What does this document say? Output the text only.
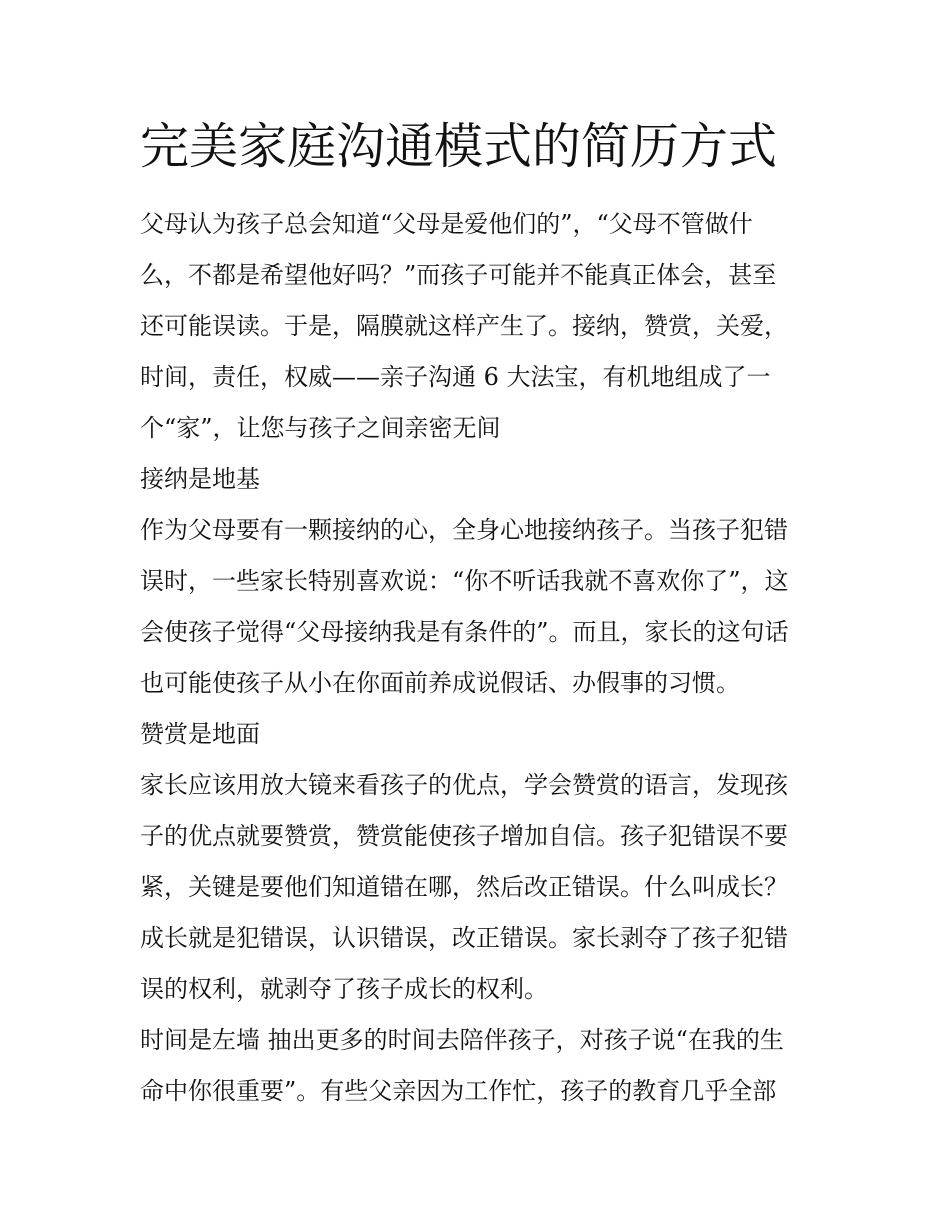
完美家庭沟通模式的简历方式
父母认为孩子总会知道“父母是爱他们的”，“父母不管做什
么，不都是希望他好吗？”而孩子可能并不能真正体会，甚至
还可能误读。于是，隔膜就这样产生了。接纳，赞赏，关爱，
时间，责任，权威——亲子沟通 6 大法宝，有机地组成了一
个“家”，让您与孩子之间亲密无间
接纳是地基
作为父母要有一颗接纳的心，全身心地接纳孩子。当孩子犯错
误时，一些家长特别喜欢说：“你不听话我就不喜欢你了”，这
会使孩子觉得“父母接纳我是有条件的”。而且，家长的这句话
也可能使孩子从小在你面前养成说假话、办假事的习惯。
赞赏是地面
家长应该用放大镜来看孩子的优点，学会赞赏的语言，发现孩
子的优点就要赞赏，赞赏能使孩子增加自信。孩子犯错误不要
紧，关键是要他们知道错在哪，然后改正错误。什么叫成长？
成长就是犯错误，认识错误，改正错误。家长剥夺了孩子犯错
误的权利，就剥夺了孩子成长的权利。
时间是左墙 抽出更多的时间去陪伴孩子，对孩子说“在我的生
命中你很重要”。有些父亲因为工作忙，孩子的教育几乎全部
